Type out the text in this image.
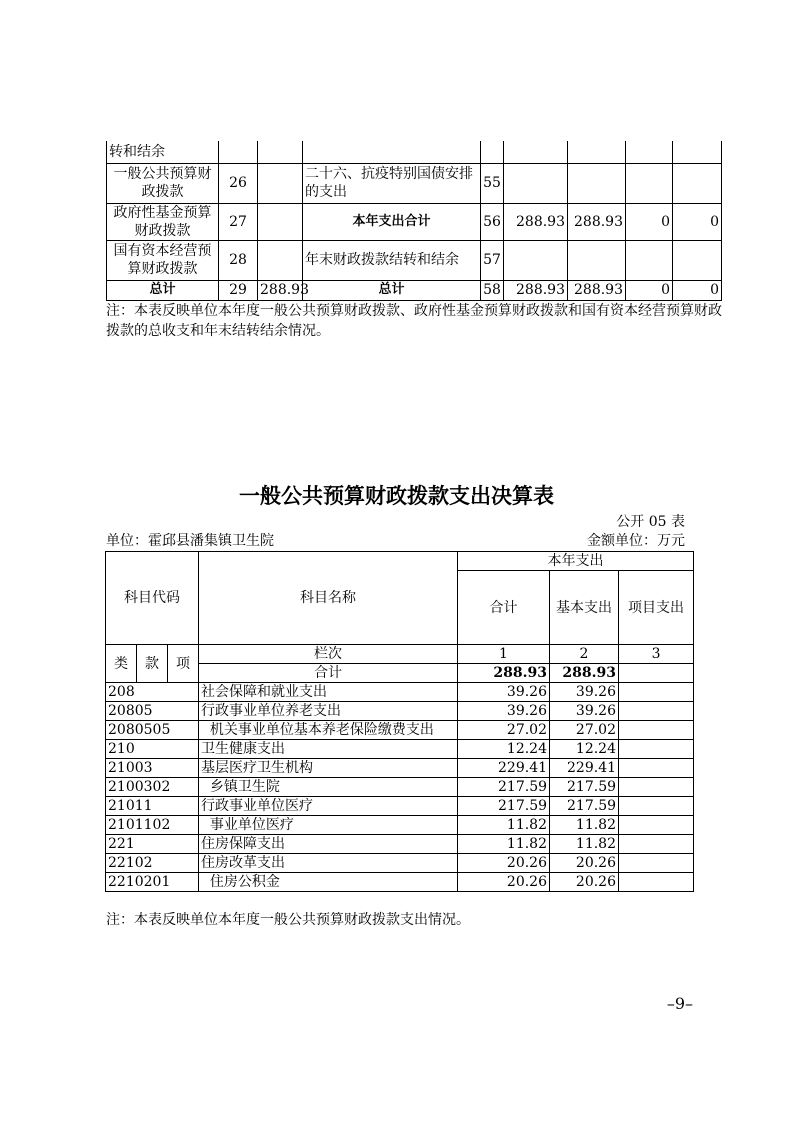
转和结余								
一般公共预算财政拨款	26		二十六、抗疫特别国债安排的支出	55				
政府性基金预算财政拨款	27		本年支出合计	56	288.93	288.93	0	0
国有资本经营预算财政拨款	28		年末财政拨款结转和结余	57				
总计	29	288.93	总计	58	288.93	288.93	0	0
注：本表反映单位本年度一般公共预算财政拨款、政府性基金预算财政拨款和国有资本经营预算财政拨款的总收支和年末结转结余情况。
一般公共预算财政拨款支出决算表
公开 05 表
单位：霍邱县潘集镇卫生院	金额单位：万元
科目代码			科目名称	本年支出		
				合计	基本支出	项目支出
类	款	项	栏次	1	2	3
			合计	288.93	288.93	
208			社会保障和就业支出	39.26	39.26	
20805			行政事业单位养老支出	39.26	39.26	
2080505			机关事业单位基本养老保险缴费支出	27.02	27.02	
210			卫生健康支出	12.24	12.24	
21003			基层医疗卫生机构	229.41	229.41	
2100302			乡镇卫生院	217.59	217.59	
21011			行政事业单位医疗	217.59	217.59	
2101102			事业单位医疗	11.82	11.82	
221			住房保障支出	11.82	11.82	
22102			住房改革支出	20.26	20.26	
2210201			住房公积金	20.26	20.26	
注：本表反映单位本年度一般公共预算财政拨款支出情况。
–9–
